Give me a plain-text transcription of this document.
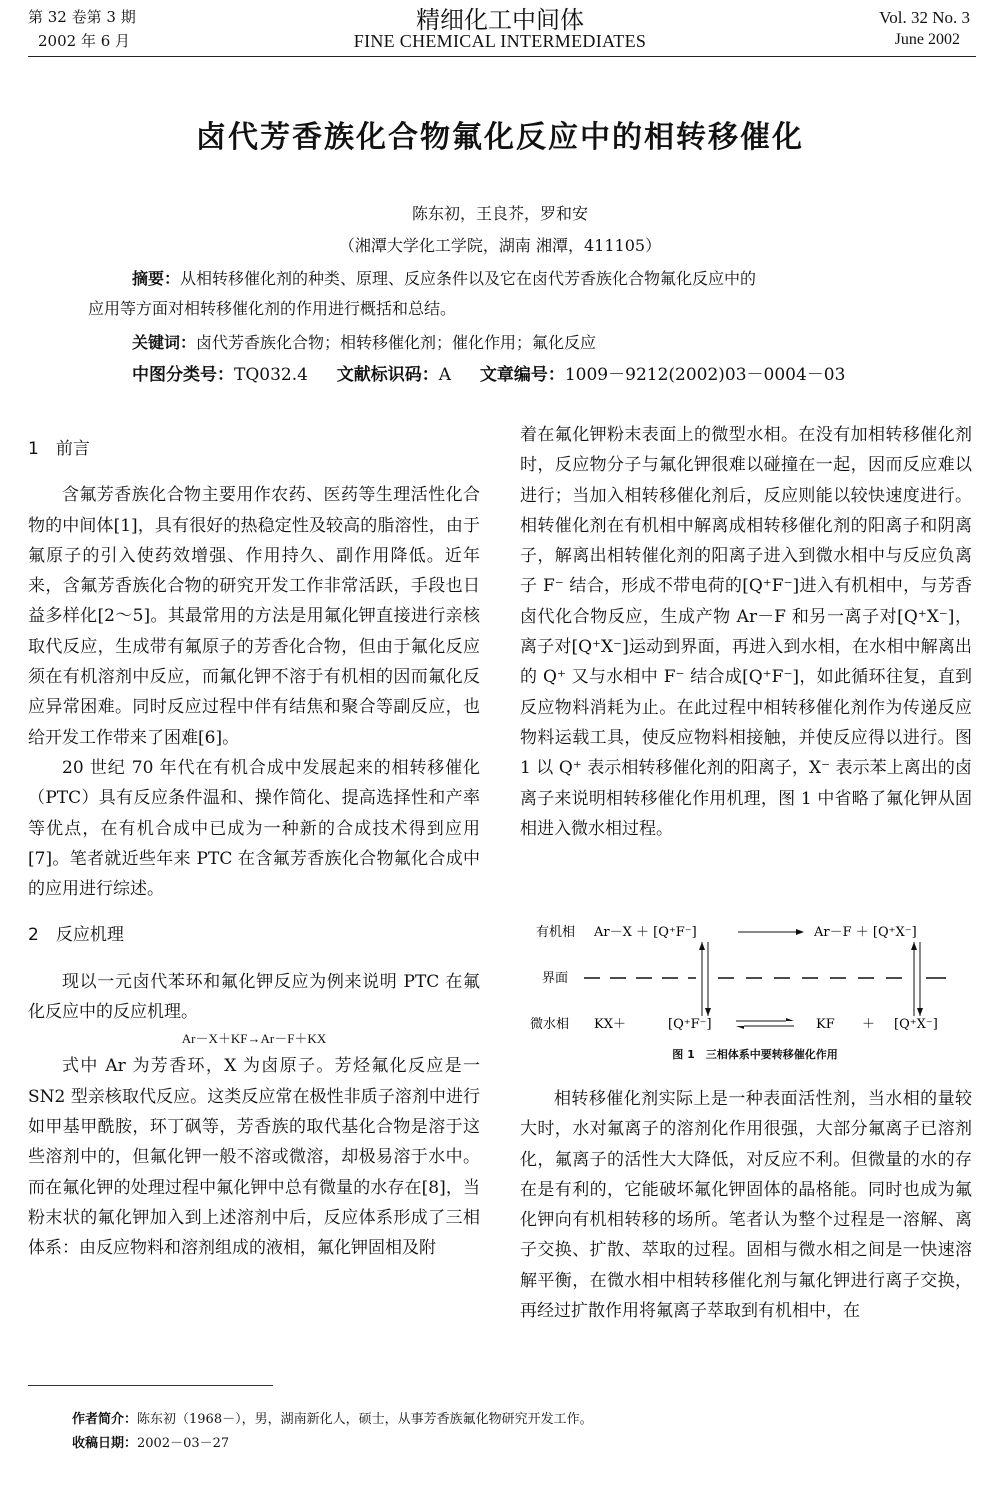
第 32 卷第 3 期
2002 年 6 月
精细化工中间体
FINE CHEMICAL INTERMEDIATES
Vol. 32 No. 3
June 2002
卤代芳香族化合物氟化反应中的相转移催化
陈东初，王良芥，罗和安
（湘潭大学化工学院，湖南 湘潭，411105）
摘要：从相转移催化剂的种类、原理、反应条件以及它在卤代芳香族化合物氟化反应中的
应用等方面对相转移催化剂的作用进行概括和总结。
关键词：卤代芳香族化合物；相转移催化剂；催化作用；氟化反应
中图分类号：TQ032.4 文献标识码：A 文章编号：1009－9212(2002)03－0004－03
1　前言

含氟芳香族化合物主要用作农药、医药等生理活性化合物的中间体[1]，具有很好的热稳定性及较高的脂溶性，由于氟原子的引入使药效增强、作用持久、副作用降低。近年来，含氟芳香族化合物的研究开发工作非常活跃，手段也日益多样化[2～5]。其最常用的方法是用氟化钾直接进行亲核取代反应，生成带有氟原子的芳香化合物，但由于氟化反应须在有机溶剂中反应，而氟化钾不溶于有机相的因而氟化反应异常困难。同时反应过程中伴有结焦和聚合等副反应，也给开发工作带来了困难[6]。

20 世纪 70 年代在有机合成中发展起来的相转移催化（PTC）具有反应条件温和、操作简化、提高选择性和产率等优点，在有机合成中已成为一种新的合成技术得到应用[7]。笔者就近些年来 PTC 在含氟芳香族化合物氟化合成中的应用进行综述。

2　反应机理

现以一元卤代苯环和氟化钾反应为例来说明 PTC 在氟化反应中的反应机理。

Ar－X＋KF→Ar－F＋KX

式中 Ar 为芳香环，X 为卤原子。芳烃氟化反应是一SN2 型亲核取代反应。这类反应常在极性非质子溶剂中进行如甲基甲酰胺，环丁砜等，芳香族的取代基化合物是溶于这些溶剂中的，但氟化钾一般不溶或微溶，却极易溶于水中。而在氟化钾的处理过程中氟化钾中总有微量的水存在[8]，当粉末状的氟化钾加入到上述溶剂中后，反应体系形成了三相体系：由反应物料和溶剂组成的液相，氟化钾固相及附

着在氟化钾粉末表面上的微型水相。在没有加相转移催化剂时，反应物分子与氟化钾很难以碰撞在一起，因而反应难以进行；当加入相转移催化剂后，反应则能以较快速度进行。相转催化剂在有机相中解离成相转移催化剂的阳离子和阴离子，解离出相转催化剂的阳离子进入到微水相中与反应负离子 F⁻ 结合，形成不带电荷的[Q⁺F⁻]进入有机相中，与芳香卤代化合物反应，生成产物 Ar－F 和另一离子对[Q⁺X⁻]，离子对[Q⁺X⁻]运动到界面，再进入到水相，在水相中解离出的 Q⁺ 又与水相中 F⁻ 结合成[Q⁺F⁻]，如此循环往复，直到反应物料消耗为止。在此过程中相转移催化剂作为传递反应物料运载工具，使反应物料相接触，并使反应得以进行。图 1 以 Q⁺ 表示相转移催化剂的阳离子，X⁻ 表示苯上离出的卤离子来说明相转移催化作用机理，图 1 中省略了氟化钾从固相进入微水相过程。

有机相 Ar－X ＋ [Q⁺F⁻]	Ar－F ＋ [Q⁺X⁻]
界面
微水相 KX＋	[Q⁺F⁻]	KF ＋ [Q⁺X⁻]
图 1　三相体系中要转移催化作用

相转移催化剂实际上是一种表面活性剂，当水相的量较大时，水对氟离子的溶剂化作用很强，大部分氟离子已溶剂化，氟离子的活性大大降低，对反应不利。但微量的水的存在是有利的，它能破坏氟化钾固体的晶格能。同时也成为氟化钾向有机相转移的场所。笔者认为整个过程是一溶解、离子交换、扩散、萃取的过程。固相与微水相之间是一快速溶解平衡，在微水相中相转移催化剂与氟化钾进行离子交换，再经过扩散作用将氟离子萃取到有机相中，在

作者简介：陈东初（1968－），男，湖南新化人，硕士，从事芳香族氟化物研究开发工作。
收稿日期：2002－03－27
